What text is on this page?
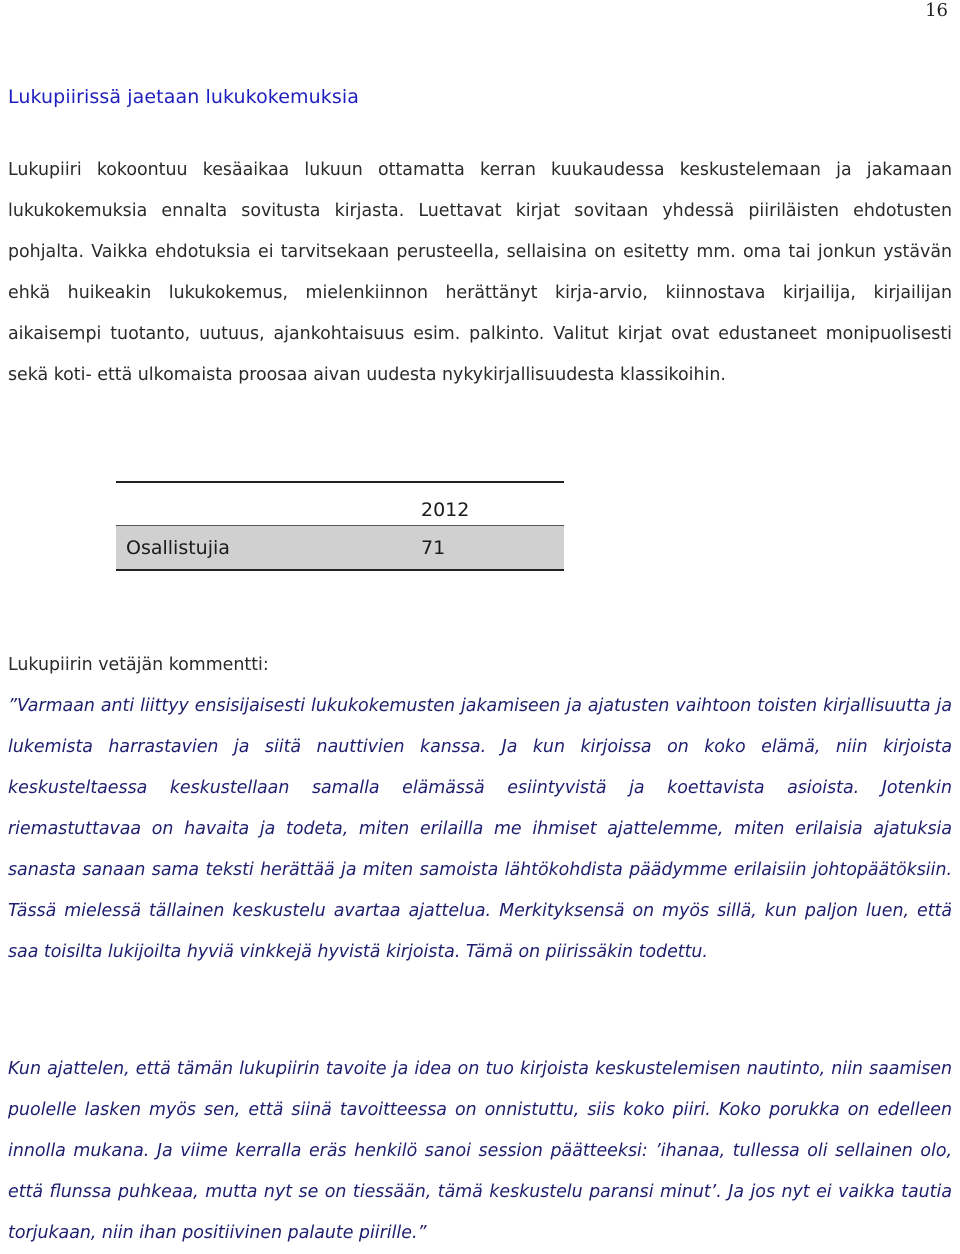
16
Lukupiirissä jaetaan lukukokemuksia

Lukupiiri kokoontuu kesäaikaa lukuun ottamatta kerran kuukaudessa keskustelemaan ja jakamaan lukukokemuksia ennalta sovitusta kirjasta. Luettavat kirjat sovitaan yhdessä piiriläisten ehdotusten pohjalta. Vaikka ehdotuksia ei tarvitsekaan perusteella, sellaisina on esitetty mm. oma tai jonkun ystävän ehkä huikeakin lukukokemus, mielenkiinnon herättänyt kirja-arvio, kiinnostava kirjailija, kirjailijan aikaisempi tuotanto, uutuus, ajankohtaisuus esim. palkinto. Valitut kirjat ovat edustaneet monipuolisesti sekä koti- että ulkomaista proosaa aivan uudesta nykykirjallisuudesta klassikoihin.

	2012
Osallistujia	71

Lukupiirin vetäjän kommentti:

”Varmaan anti liittyy ensisijaisesti lukukokemusten jakamiseen ja ajatusten vaihtoon toisten kirjallisuutta ja lukemista harrastavien ja siitä nauttivien kanssa. Ja kun kirjoissa on koko elämä, niin kirjoista keskusteltaessa keskustellaan samalla elämässä esiintyvistä ja koettavista asioista. Jotenkin riemastuttavaa on havaita ja todeta, miten erilailla me ihmiset ajattelemme, miten erilaisia ajatuksia sanasta sanaan sama teksti herättää ja miten samoista lähtökohdista päädymme erilaisiin johtopäätöksiin. Tässä mielessä tällainen keskustelu avartaa ajattelua. Merkityksensä on myös sillä, kun paljon luen, että saa toisilta lukijoilta hyviä vinkkejä hyvistä kirjoista. Tämä on piirissäkin todettu.

Kun ajattelen, että tämän lukupiirin tavoite ja idea on tuo kirjoista keskustelemisen nautinto, niin saamisen puolelle lasken myös sen, että siinä tavoitteessa on onnistuttu, siis koko piiri. Koko porukka on edelleen innolla mukana. Ja viime kerralla eräs henkilö sanoi session päätteeksi: ’ihanaa, tullessa oli sellainen olo, että flunssa puhkeaa, mutta nyt se on tiessään, tämä keskustelu paransi minut’. Ja jos nyt ei vaikka tautia torjukaan, niin ihan positiivinen palaute piirille.”
